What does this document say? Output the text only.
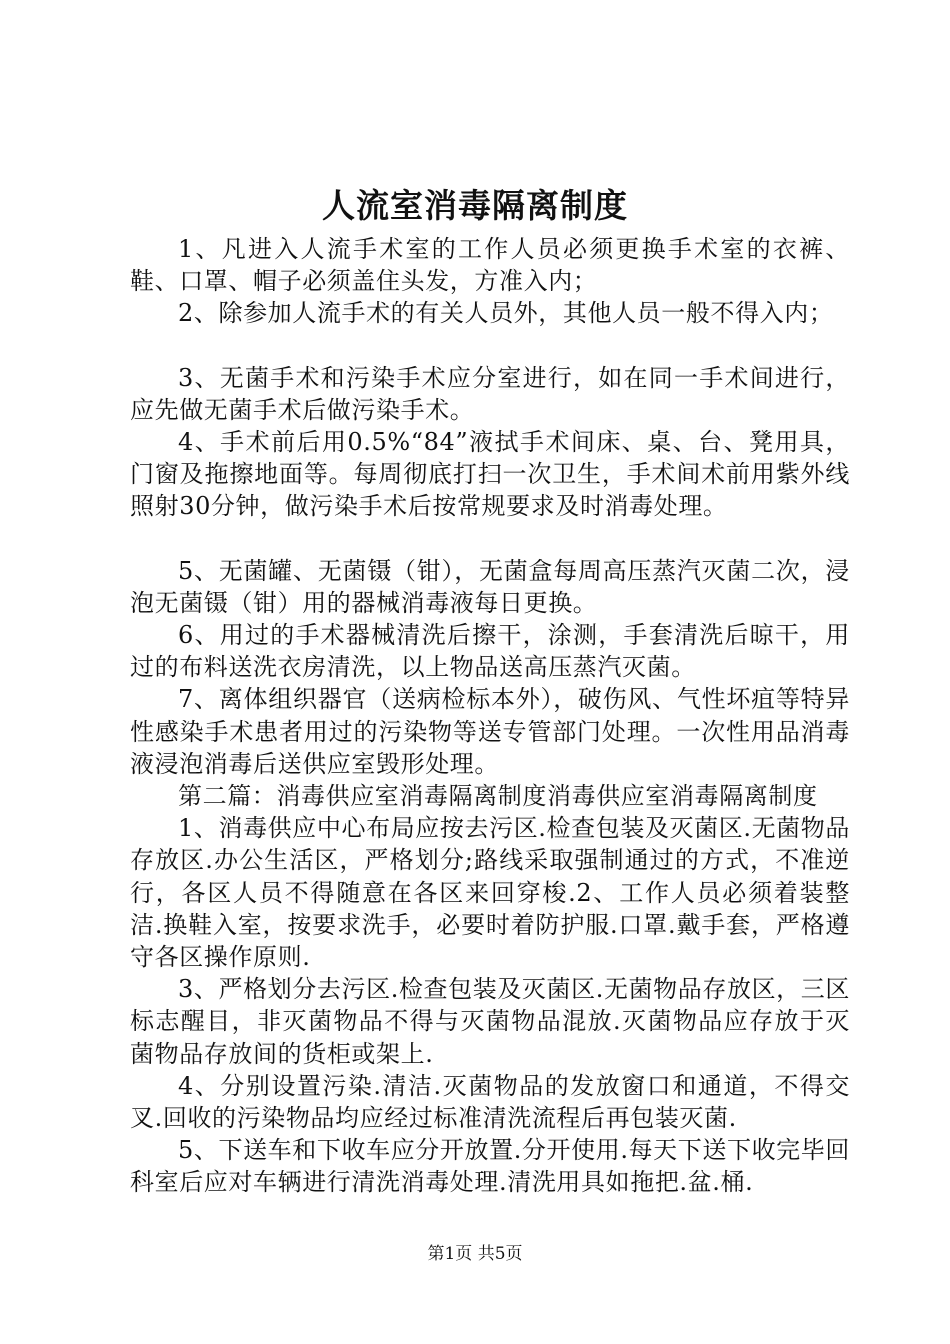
人流室消毒隔离制度

1、凡进入人流手术室的工作人员必须更换手术室的衣裤、鞋、口罩、帽子必须盖住头发，方准入内；

2、除参加人流手术的有关人员外，其他人员一般不得入内；

3、无菌手术和污染手术应分室进行，如在同一手术间进行，应先做无菌手术后做污染手术。

4、手术前后用0.5%“84”液拭手术间床、桌、台、凳用具，门窗及拖擦地面等。每周彻底打扫一次卫生，手术间术前用紫外线照射30分钟，做污染手术后按常规要求及时消毒处理。

5、无菌罐、无菌镊（钳），无菌盒每周高压蒸汽灭菌二次，浸泡无菌镊（钳）用的器械消毒液每日更换。

6、用过的手术器械清洗后擦干，涂测，手套清洗后晾干，用过的布料送洗衣房清洗，以上物品送高压蒸汽灭菌。

7、离体组织器官（送病检标本外），破伤风、气性坏疽等特异性感染手术患者用过的污染物等送专管部门处理。一次性用品消毒液浸泡消毒后送供应室毁形处理。

第二篇：消毒供应室消毒隔离制度消毒供应室消毒隔离制度

1、消毒供应中心布局应按去污区.检查包装及灭菌区.无菌物品存放区.办公生活区，严格划分;路线采取强制通过的方式，不准逆行，各区人员不得随意在各区来回穿梭.2、工作人员必须着装整洁.换鞋入室，按要求洗手，必要时着防护服.口罩.戴手套，严格遵守各区操作原则.

3、严格划分去污区.检查包装及灭菌区.无菌物品存放区，三区标志醒目，非灭菌物品不得与灭菌物品混放.灭菌物品应存放于灭菌物品存放间的货柜或架上.

4、分别设置污染.清洁.灭菌物品的发放窗口和通道，不得交叉.回收的污染物品均应经过标准清洗流程后再包装灭菌.

5、下送车和下收车应分开放置.分开使用.每天下送下收完毕回科室后应对车辆进行清洗消毒处理.清洗用具如拖把.盆.桶.

第1页 共5页
